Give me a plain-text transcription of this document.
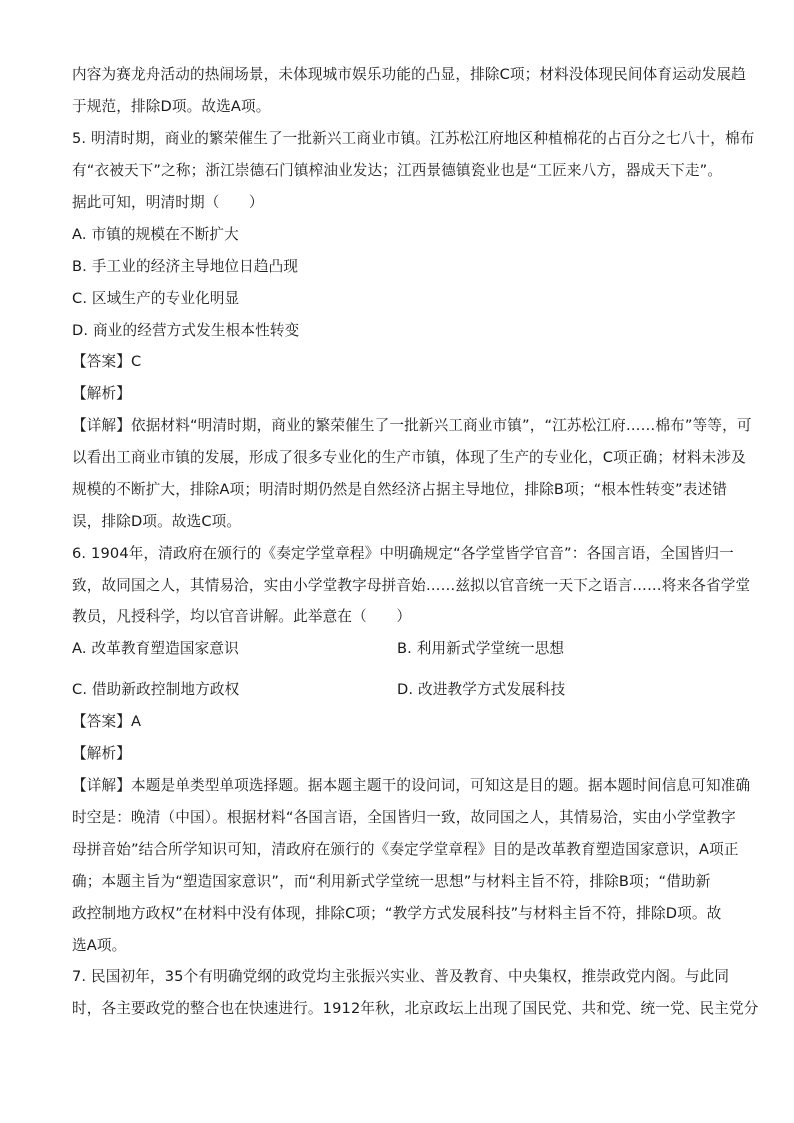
内容为赛龙舟活动的热闹场景，未体现城市娱乐功能的凸显，排除C项；材料没体现民间体育运动发展趋
于规范，排除D项。故选A项。
5. 明清时期，商业的繁荣催生了一批新兴工商业市镇。江苏松江府地区种植棉花的占百分之七八十，棉布
有“衣被天下”之称；浙江崇德石门镇榨油业发达；江西景德镇瓷业也是“工匠来八方，器成天下走”。
据此可知，明清时期（　　）
A. 市镇的规模在不断扩大
B. 手工业的经济主导地位日趋凸现
C. 区域生产的专业化明显
D. 商业的经营方式发生根本性转变
【答案】C
【解析】
【详解】依据材料“明清时期，商业的繁荣催生了一批新兴工商业市镇”，“江苏松江府……棉布”等等，可
以看出工商业市镇的发展，形成了很多专业化的生产市镇，体现了生产的专业化，C项正确；材料未涉及
规模的不断扩大，排除A项；明清时期仍然是自然经济占据主导地位，排除B项；“根本性转变”表述错
误，排除D项。故选C项。
6. 1904年，清政府在颁行的《奏定学堂章程》中明确规定“各学堂皆学官音”：各国言语，全国皆归一
致，故同国之人，其情易洽，实由小学堂教字母拼音始……兹拟以官音统一天下之语言……将来各省学堂
教员，凡授科学，均以官音讲解。此举意在（　　）
A. 改革教育塑造国家意识	B. 利用新式学堂统一思想
C. 借助新政控制地方政权	D. 改进教学方式发展科技
【答案】A
【解析】
【详解】本题是单类型单项选择题。据本题主题干的设问词，可知这是目的题。据本题时间信息可知准确
时空是：晚清（中国）。根据材料“各国言语，全国皆归一致，故同国之人，其情易洽，实由小学堂教字
母拼音始”结合所学知识可知，清政府在颁行的《奏定学堂章程》目的是改革教育塑造国家意识，A项正
确；本题主旨为“塑造国家意识”，而“利用新式学堂统一思想”与材料主旨不符，排除B项；“借助新
政控制地方政权”在材料中没有体现，排除C项；“教学方式发展科技”与材料主旨不符，排除D项。故
选A项。
7. 民国初年，35个有明确党纲的政党均主张振兴实业、普及教育、中央集权，推崇政党内阁。与此同
时，各主要政党的整合也在快速进行。1912年秋，北京政坛上出现了国民党、共和党、统一党、民主党分
